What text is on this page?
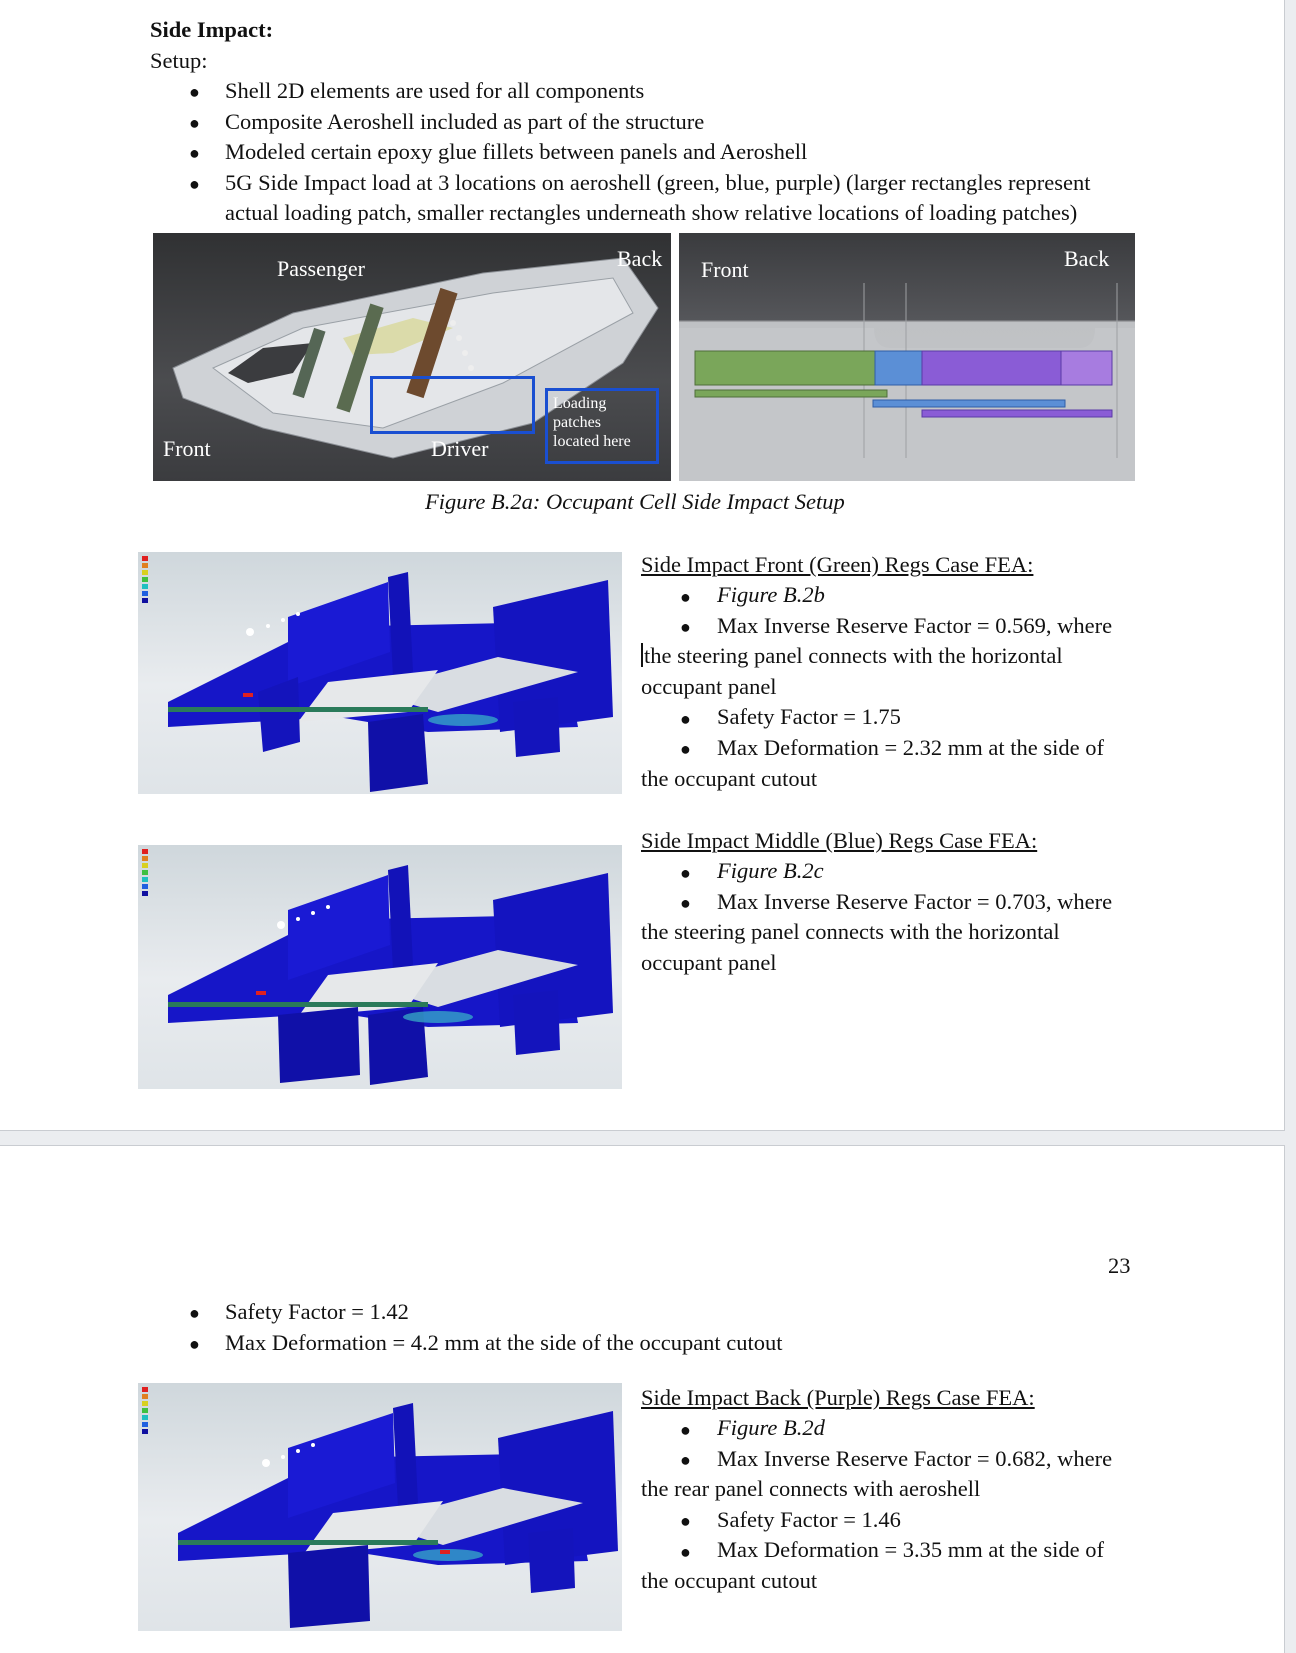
Side Impact:
Setup:
● Shell 2D elements are used for all components
● Composite Aeroshell included as part of the structure
● Modeled certain epoxy glue fillets between panels and Aeroshell
● 5G Side Impact load at 3 locations on aeroshell (green, blue, purple) (larger rectangles represent
actual loading patch, smaller rectangles underneath show relative locations of loading patches)
Passenger	Back
Front	Driver
Loading
patches
located here
Front	Back
Figure B.2a: Occupant Cell Side Impact Setup
Side Impact Front (Green) Regs Case FEA:
● Figure B.2b
● Max Inverse Reserve Factor = 0.569, where
the steering panel connects with the horizontal
occupant panel
● Safety Factor = 1.75
● Max Deformation = 2.32 mm at the side of
the occupant cutout
Side Impact Middle (Blue) Regs Case FEA:
● Figure B.2c
● Max Inverse Reserve Factor = 0.703, where
the steering panel connects with the horizontal
occupant panel
23
● Safety Factor = 1.42
● Max Deformation = 4.2 mm at the side of the occupant cutout
Side Impact Back (Purple) Regs Case FEA:
● Figure B.2d
● Max Inverse Reserve Factor = 0.682, where
the rear panel connects with aeroshell
● Safety Factor = 1.46
● Max Deformation = 3.35 mm at the side of
the occupant cutout
